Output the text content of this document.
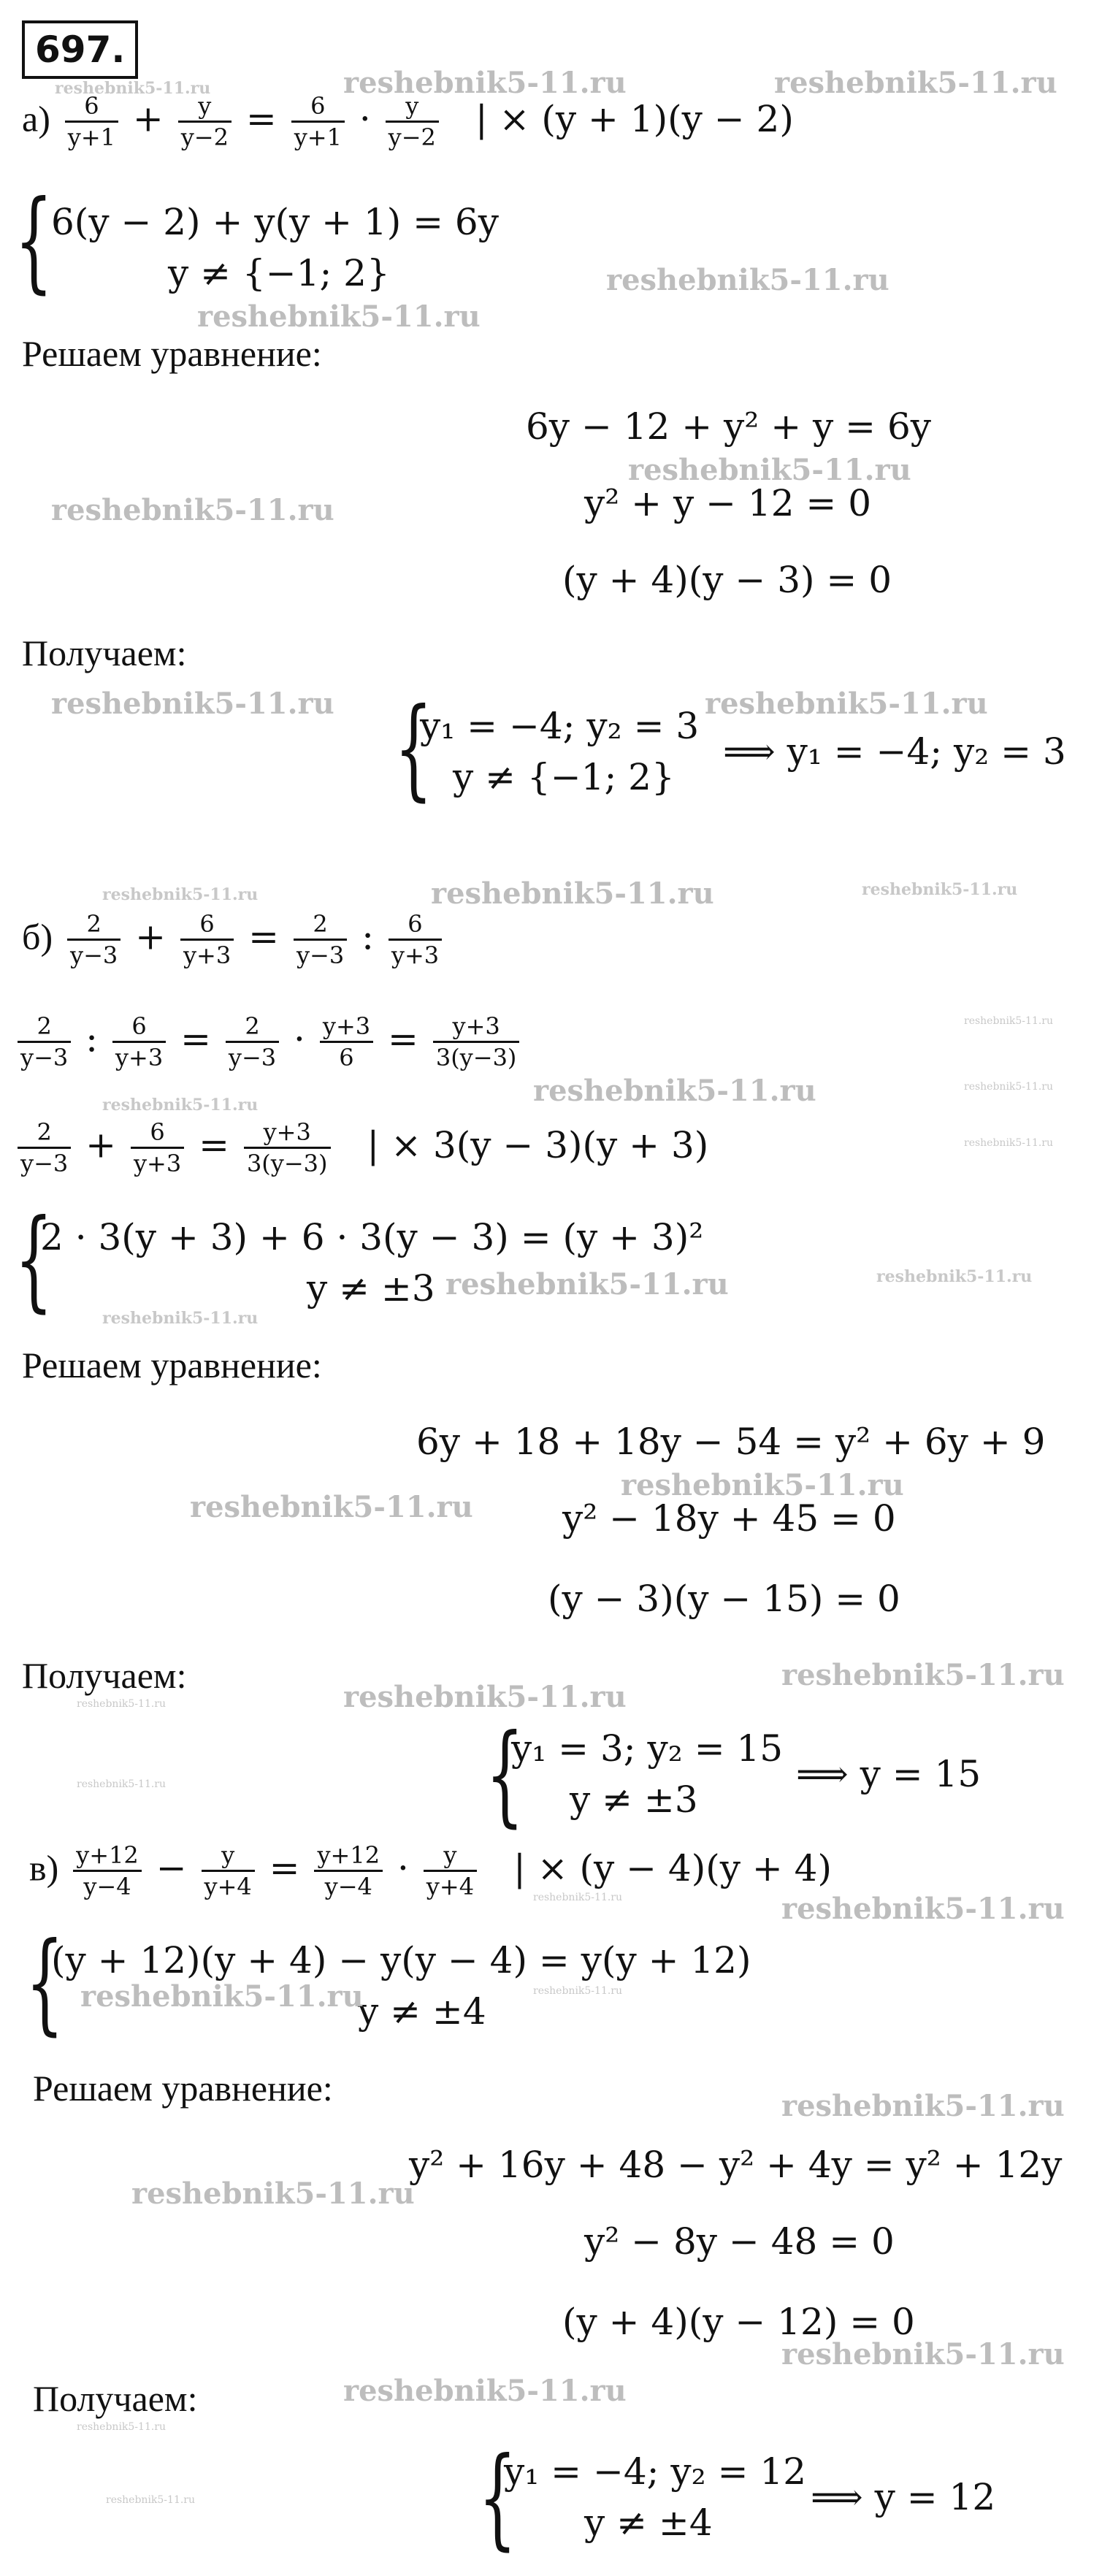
697.
$а) \frac{6}{y+1} + \frac{y}{y-2} = \frac{6}{y+1} \cdot \frac{y}{y-2}$ | × (y + 1)(y − 2)
{
6(y − 2) + y(y + 1) = 6y
y ≠ {−1; 2}
Решаем уравнение:
6y − 12 + y² + y = 6y
y² + y − 12 = 0
(y + 4)(y − 3) = 0
Получаем:
{
y₁ = −4; y₂ = 3
y ≠ {−1; 2}
⟹ y₁ = −4; y₂ = 3
$б) \frac{2}{y-3} + \frac{6}{y+3} = \frac{2}{y-3}$ : $\frac{6}{y+3}$
$\frac{2}{y-3}$ : $\frac{6}{y+3} = \frac{2}{y-3} \cdot \frac{y+3}{6} = \frac{y+3}{3(y-3)}$
$\frac{2}{y-3} + \frac{6}{y+3} = \frac{y+3}{3(y-3)}$ | × 3(y − 3)(y + 3)
{
2 · 3(y + 3) + 6 · 3(y − 3) = (y + 3)²
y ≠ ±3
Решаем уравнение:
6y + 18 + 18y − 54 = y² + 6y + 9
y² − 18y + 45 = 0
(y − 3)(y − 15) = 0
Получаем:
{
y₁ = 3; y₂ = 15
y ≠ ±3
⟹ y = 15
$в) \frac{y+12}{y-4} - \frac{y}{y+4} = \frac{y+12}{y-4} \cdot \frac{y}{y+4}$ | × (y − 4)(y + 4)
{
(y + 12)(y + 4) − y(y − 4) = y(y + 12)
y ≠ ±4
Решаем уравнение:
y² + 16y + 48 − y² + 4y = y² + 12y
y² − 8y − 48 = 0
(y + 4)(y − 12) = 0
Получаем:
{
y₁ = −4; y₂ = 12
y ≠ ±4
⟹ y = 12
reshebnik5-11.ru	reshebnik5-11.ru	reshebnik5-11.ru
reshebnik5-11.ru
reshebnik5-11.ru
reshebnik5-11.ru
reshebnik5-11.ru
reshebnik5-11.ru	reshebnik5-11.ru
reshebnik5-11.ru	reshebnik5-11.ru	reshebnik5-11.ru
reshebnik5-11.ru
reshebnik5-11.ru	reshebnik5-11.ru
reshebnik5-11.ru
reshebnik5-11.ru
reshebnik5-11.ru	reshebnik5-11.ru
reshebnik5-11.ru
reshebnik5-11.ru
reshebnik5-11.ru
reshebnik5-11.ru
reshebnik5-11.ru
reshebnik5-11.ru
reshebnik5-11.ru
reshebnik5-11.ru	reshebnik5-11.ru
reshebnik5-11.ru	reshebnik5-11.ru
reshebnik5-11.ru
reshebnik5-11.ru
reshebnik5-11.ru
reshebnik5-11.ru
reshebnik5-11.ru
reshebnik5-11.ru
